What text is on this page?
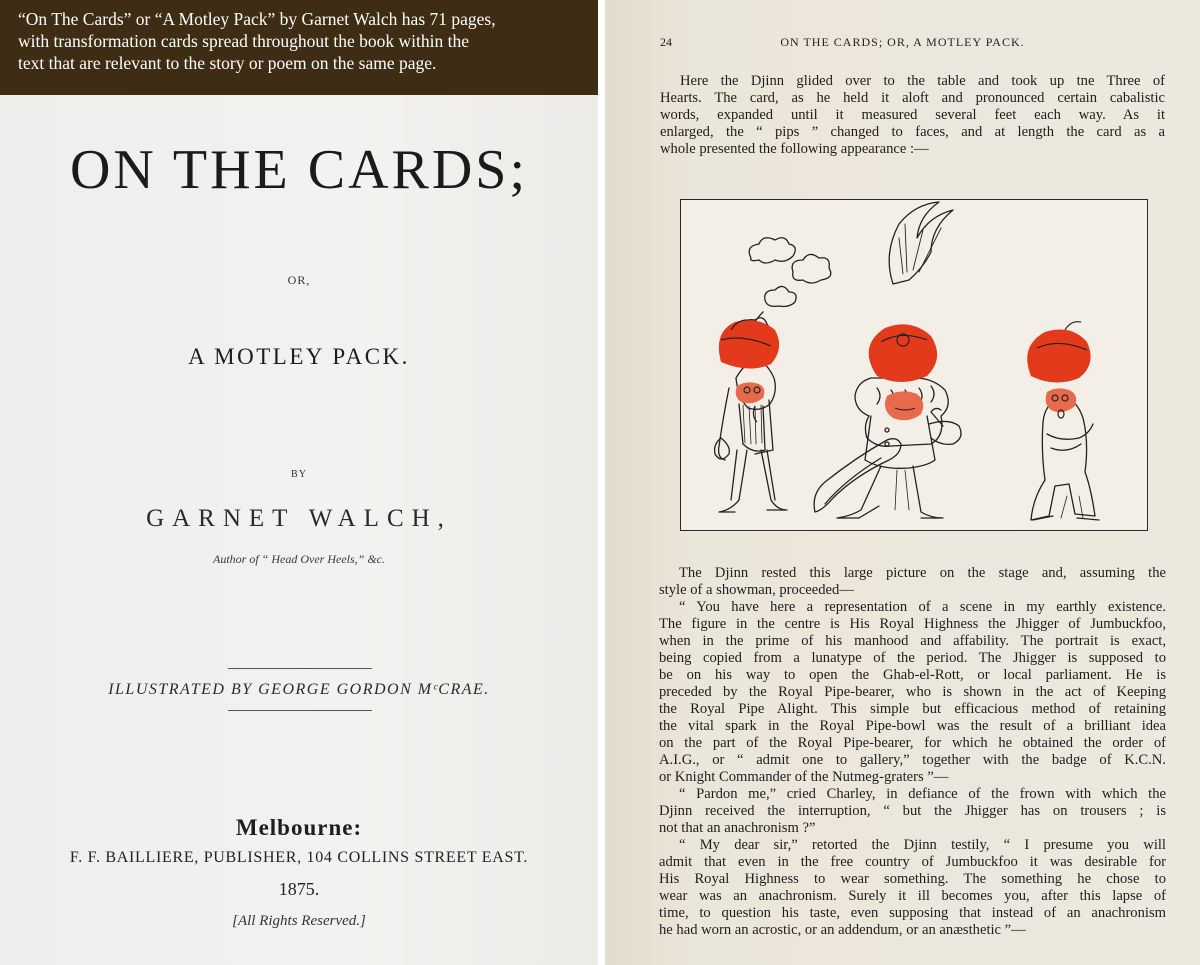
“On The Cards” or “A Motley Pack” by Garnet Walch has 71 pages,
with transformation cards spread throughout the book within the
text that are relevant to the story or poem on the same page.
ON THE CARDS;
OR,
A MOTLEY PACK.
BY
GARNET WALCH,
Author of “ Head Over Heels,” &c.
ILLUSTRATED BY GEORGE GORDON MᶜCRAE.
Melbourne:
F. F. BAILLIERE, PUBLISHER, 104 COLLINS STREET EAST.
1875.
[All Rights Reserved.]
ON THE CARDS; OR, A MOTLEY PACK.
24
Here the Djinn glided over to the table and took up tne Three of
Hearts. The card, as he held it aloft and pronounced certain cabalistic
words, expanded until it measured several feet each way. As it
enlarged, the “ pips ” changed to faces, and at length the card as a
whole presented the following appearance :—
The Djinn rested this large picture on the stage and, assuming the
style of a showman, proceeded—
“ You have here a representation of a scene in my earthly existence.
The figure in the centre is His Royal Highness the Jhigger of Jumbuckfoo,
when in the prime of his manhood and affability. The portrait is exact,
being copied from a lunatype of the period. The Jhigger is supposed to
be on his way to open the Ghab-el-Rott, or local parliament. He is
preceded by the Royal Pipe-bearer, who is shown in the act of Keeping
the Royal Pipe Alight. This simple but efficacious method of retaining
the vital spark in the Royal Pipe-bowl was the result of a brilliant idea
on the part of the Royal Pipe-bearer, for which he obtained the order of
A.I.G., or “ admit one to gallery,” together with the badge of K.C.N.
or Knight Commander of the Nutmeg-graters ”—
“ Pardon me,” cried Charley, in defiance of the frown with which the
Djinn received the interruption, “ but the Jhigger has on trousers ; is
not that an anachronism ?”
“ My dear sir,” retorted the Djinn testily, “ I presume you will
admit that even in the free country of Jumbuckfoo it was desirable for
His Royal Highness to wear something. The something he chose to
wear was an anachronism. Surely it ill becomes you, after this lapse of
time, to question his taste, even supposing that instead of an anachronism
he had worn an acrostic, or an addendum, or an anæsthetic ”—
